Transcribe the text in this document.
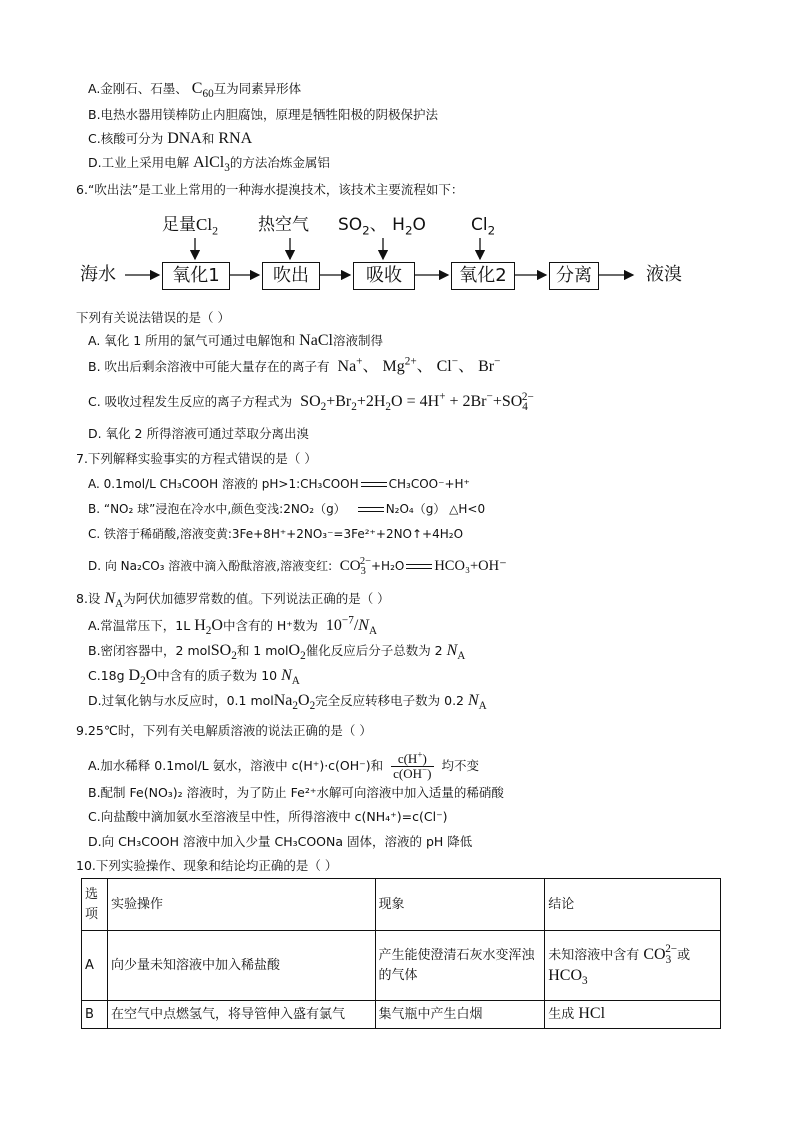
A.金刚石、石墨、 $C_{60}$互为同素异形体
B.电热水器用镁棒防止内胆腐蚀，原理是牺牲阳极的阴极保护法
C.核酸可分为 DNA和 RNA
D.工业上采用电解 AlCl$_3$的方法冶炼金属铝
6.“吹出法”是工业上常用的一种海水提溴技术，该技术主要流程如下：
足量$Cl_2$ 热空气 $SO_2$、 $H_2O$	$Cl_2$
海水	氧化1	吹出	吸收	氧化2	分离	液溴
下列有关说法错误的是（ ）
A. 氧化 1 所用的氯气可通过电解饱和 NaCl溶液制得
B. 吹出后剩余溶液中可能大量存在的离子有  Na+、 $Mg^{2+}$、 Cl−、 Br−
C. 吸收过程发生反应的离子方程式为  $SO_2+Br_2+2H_2O = 4H^+ + 2Br^-+SO_4^{2-}$
D. 氧化 2 所得溶液可通过萃取分离出溴
7.下列解释实验事实的方程式错误的是（ ）
A. 0.1mol/L CH₃COOH 溶液的 pH>1:CH₃COOH	CH₃COO⁻+H⁺
B. “NO₂ 球”浸泡在冷水中,颜色变浅:2NO₂（g）	N₂O₄（g） △H<0
C. 铁溶于稀硝酸,溶液变黄:3Fe+8H⁺+2NO₃⁻=3Fe²⁺+2NO↑+4H₂O
D. 向 Na₂CO₃ 溶液中滴入酚酞溶液,溶液变红:  $CO_3^{2-}+H_2O$ HCO₃+OH⁻
8.设 $N_A$为阿伏加德罗常数的值。下列说法正确的是（ ）
A.常温常压下，1L $H_2O$中含有的 H⁺数为  $10^{-7}/N_A$
B.密闭容器中，2 molSO$_2$和 1 molO$_2$催化反应后分子总数为 2 $N_A$
C.18g $D_2O$中含有的质子数为 10 $N_A$
D.过氧化钠与水反应时，0.1 $molNa_2O_2$完全反应转移电子数为 0.2 $N_A$
9.25℃时，下列有关电解质溶液的说法正确的是（ ）
A.加水稀释 0.1mol/L 氨水，溶液中 c(H⁺)·c(OH⁻)和 $\frac{c(H^+)}{c(OH^-)}$ 均不变
B.配制 Fe(NO₃)₂ 溶液时，为了防止 Fe²⁺水解可向溶液中加入适量的稀硝酸
C.向盐酸中滴加氨水至溶液呈中性，所得溶液中 c(NH₄⁺)=c(Cl⁻)
D.向 CH₃COOH 溶液中加入少量 CH₃COONa 固体，溶液的 pH 降低
10.下列实验操作、现象和结论均正确的是（ ）
选项	实验操作	现象	结论
A	向少量未知溶液中加入稀盐酸	产生能使澄清石灰水变浑浊的气体	未知溶液中含有 $CO_3^{2-}$或
$HCO_3$
B	在空气中点燃氢气，将导管伸入盛有氯气	集气瓶中产生白烟	生成 HCl
